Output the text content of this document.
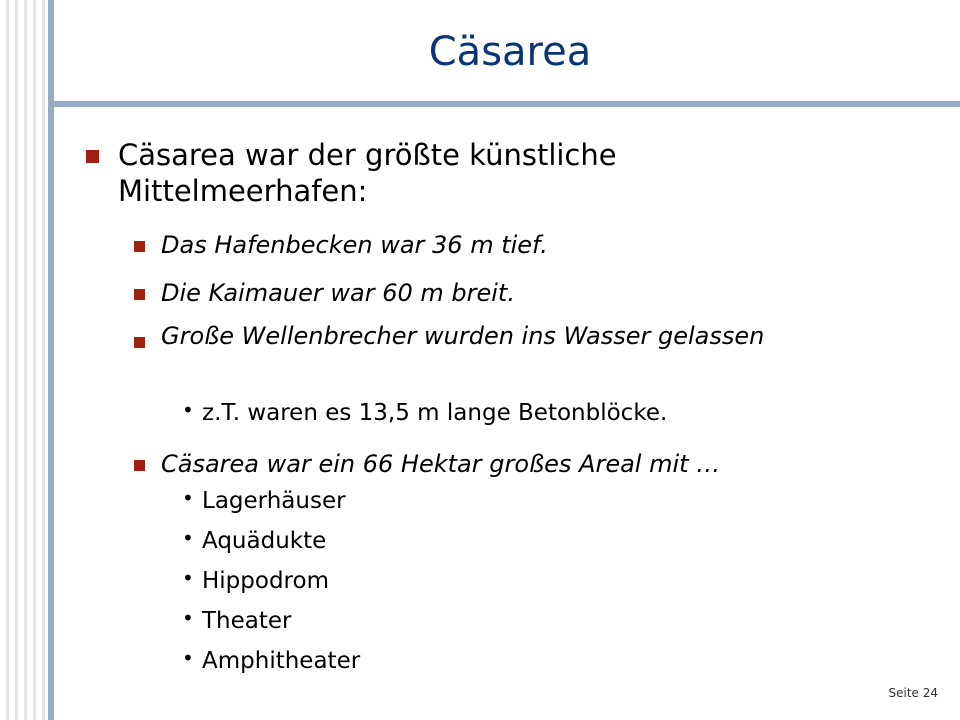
Cäsarea
Cäsarea war der größte künstliche Mittelmeerhafen:
Das Hafenbecken war 36 m tief.
Die Kaimauer war 60 m breit.
Große Wellenbrecher wurden ins Wasser gelassen
• z.T. waren es 13,5 m lange Betonblöcke.
Cäsarea war ein 66 Hektar großes Areal mit …
• Lagerhäuser
• Aquädukte
• Hippodrom
• Theater
• Amphitheater
Seite 24
